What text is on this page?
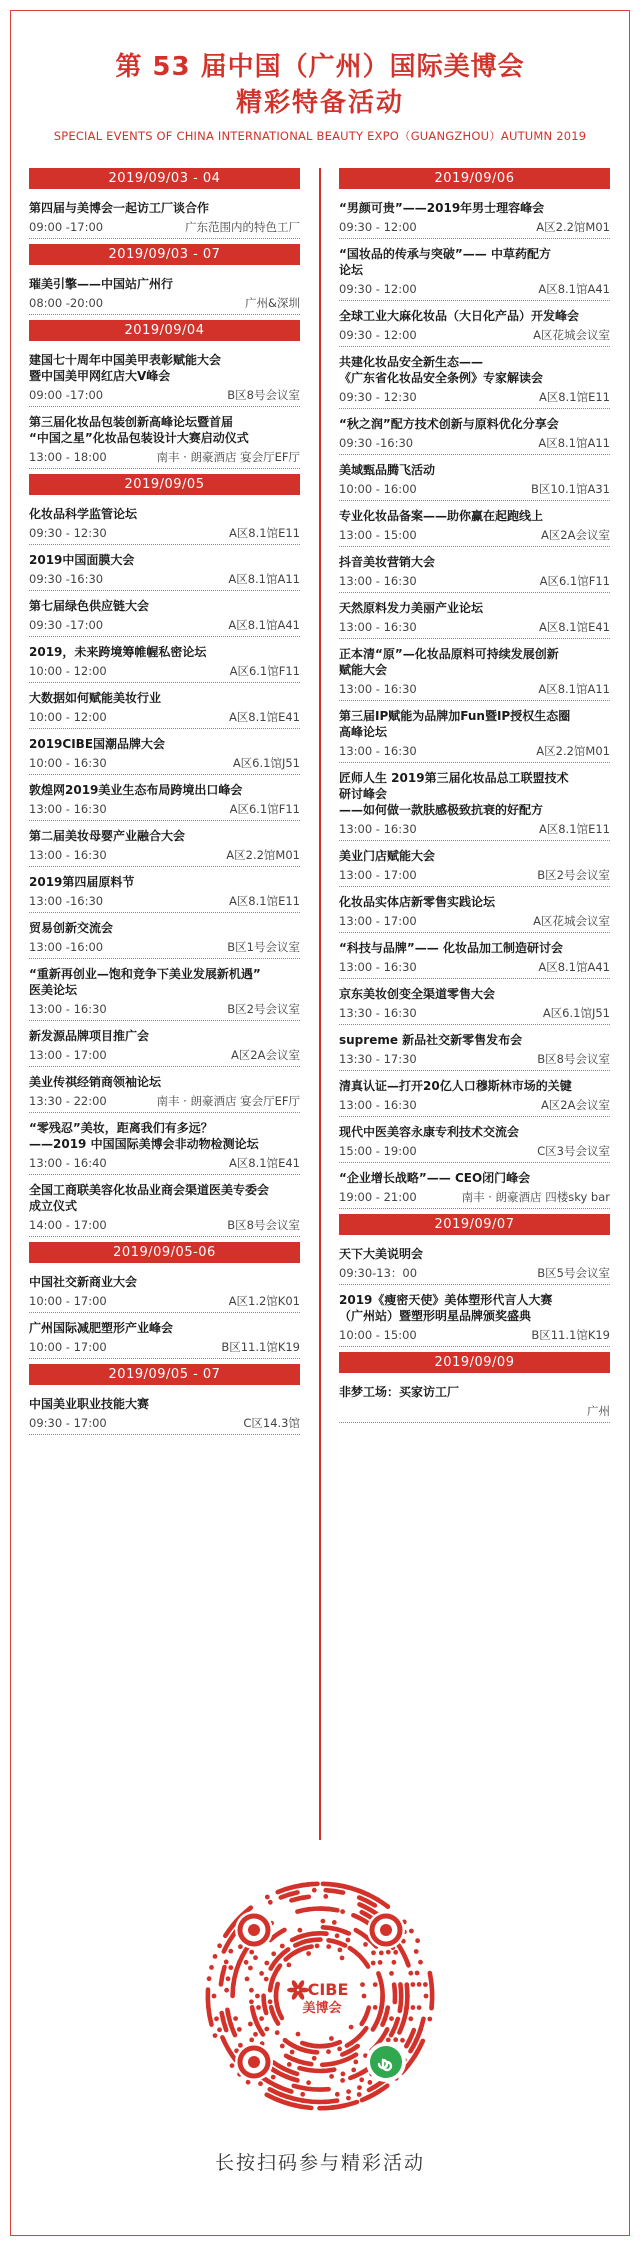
第 53 届中国（广州）国际美博会
精彩特备活动
SPECIAL EVENTS OF CHINA INTERNATIONAL BEAUTY EXPO（GUANGZHOU）AUTUMN 2019
2019/09/03 - 04
第四届与美博会一起访工厂谈合作
09:00 -17:00	广东范围内的特色工厂
2019/09/03 - 07
璀美引擎——中国站广州行
08:00 -20:00	广州&深圳
2019/09/04
建国七十周年中国美甲表彰赋能大会
暨中国美甲网红店大V峰会
09:00 -17:00	B区8号会议室
第三届化妆品包装创新高峰论坛暨首届
“中国之星”化妆品包装设计大赛启动仪式
13:00 - 18:00	南丰 · 朗豪酒店 宴会厅EF厅
2019/09/05
化妆品科学监管论坛
09:30 - 12:30	A区8.1馆E11
2019中国面膜大会
09:30 -16:30	A区8.1馆A11
第七届绿色供应链大会
09:30 -17:00	A区8.1馆A41
2019，未来跨境筹帷幄私密论坛
10:00 - 12:00	A区6.1馆F11
大数据如何赋能美妆行业
10:00 - 12:00	A区8.1馆E41
2019CIBE国潮品牌大会
10:00 - 16:30	A区6.1馆J51
敦煌网2019美业生态布局跨境出口峰会
13:00 - 16:30	A区6.1馆F11
第二届美妆母婴产业融合大会
13:00 - 16:30	A区2.2馆M01
2019第四届原料节
13:00 -16:30	A区8.1馆E11
贸易创新交流会
13:00 -16:00	B区1号会议室
“重新再创业—饱和竞争下美业发展新机遇”
医美论坛
13:00 - 16:30	B区2号会议室
新发源品牌项目推广会
13:00 - 17:00	A区2A会议室
美业传祺经销商领袖论坛
13:30 - 22:00	南丰 · 朗豪酒店 宴会厅EF厅
“零残忍”美妆，距离我们有多远？
——2019 中国国际美博会非动物检测论坛
13:00 - 16:40	A区8.1馆E41
全国工商联美容化妆品业商会渠道医美专委会
成立仪式
14:00 - 17:00	B区8号会议室
2019/09/05-06
中国社交新商业大会
10:00 - 17:00	A区1.2馆K01
广州国际减肥塑形产业峰会
10:00 - 17:00	B区11.1馆K19
2019/09/05 - 07
中国美业职业技能大赛
09:30 - 17:00	C区14.3馆
2019/09/06
“男颜可贵”——2019年男士理容峰会
09:30 - 12:00	A区2.2馆M01
“国妆品的传承与突破”—— 中草药配方
论坛
09:30 - 12:00	A区8.1馆A41
全球工业大麻化妆品（大日化产品）开发峰会
09:30 - 12:00	A区花城会议室
共建化妆品安全新生态——
《广东省化妆品安全条例》专家解读会
09:30 - 12:30	A区8.1馆E11
“秋之润”配方技术创新与原料优化分享会
09:30 -16:30	A区8.1馆A11
美域甄品腾飞活动
10:00 - 16:00	B区10.1馆A31
专业化妆品备案——助你赢在起跑线上
13:00 - 15:00	A区2A会议室
抖音美妆营销大会
13:00 - 16:30	A区6.1馆F11
天然原料发力美丽产业论坛
13:00 - 16:30	A区8.1馆E41
正本清“原”—化妆品原料可持续发展创新
赋能大会
13:00 - 16:30	A区8.1馆A11
第三届IP赋能为品牌加Fun暨IP授权生态圈
高峰论坛
13:00 - 16:30	A区2.2馆M01
匠师人生 2019第三届化妆品总工联盟技术
研讨峰会
——如何做一款肤感极致抗衰的好配方
13:00 - 16:30	A区8.1馆E11
美业门店赋能大会
13:00 - 17:00	B区2号会议室
化妆品实体店新零售实践论坛
13:00 - 17:00	A区花城会议室
“科技与品牌”—— 化妆品加工制造研讨会
13:00 - 16:30	A区8.1馆A41
京东美妆创变全渠道零售大会
13:30 - 16:30	A区6.1馆J51
supreme 新品社交新零售发布会
13:30 - 17:30	B区8号会议室
清真认证—打开20亿人口穆斯林市场的关键
13:00 - 16:30	A区2A会议室
现代中医美容永康专利技术交流会
15:00 - 19:00	C区3号会议室
“企业增长战略”—— CEO闭门峰会
19:00 - 21:00	南丰 · 朗豪酒店 四楼sky bar
2019/09/07
天下大美说明会
09:30-13：00	B区5号会议室
2019《瘦密天使》美体塑形代言人大赛
（广州站）暨塑形明星品牌颁奖盛典
10:00 - 15:00	B区11.1馆K19
2019/09/09
非梦工场：买家访工厂
广州
CIBE
美博会
长按扫码参与精彩活动
